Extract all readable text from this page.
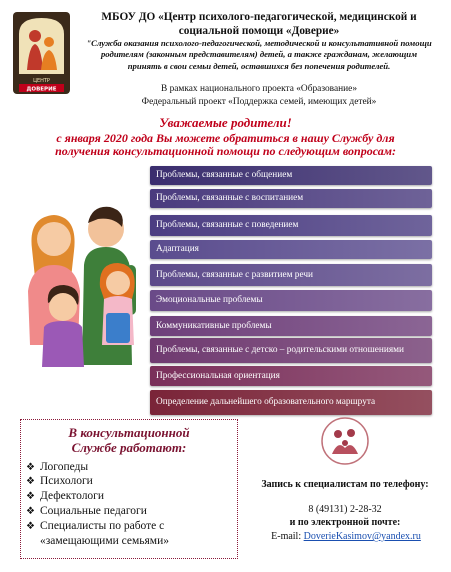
ЦЕНТР
ДОВЕРИЕ
МБОУ ДО «Центр психолого-педагогической, медицинской и социальной помощи «Доверие»
"Служба оказания психолого-педагогической, методической и консультативной помощи родителям (законным представителям) детей, а также гражданам, желающим принять в свои семьи детей, оставшихся без попечения родителей.
В рамках национального проекта «Образование»
Федеральный проект «Поддержка семей, имеющих детей»
Уважаемые родители!
с января 2020 года Вы можете обратиться в нашу Службу для
получения консультационной помощи по следующим вопросам:
Проблемы, связанные с общением
Проблемы, связанные с воспитанием
Проблемы, связанные с поведением
Адаптация
Проблемы, связанные с развитием речи
Эмоциональные проблемы
Коммуникативные проблемы
Проблемы, связанные с детско – родительскими отношениями
Профессиональная ориентация
Определение дальнейшего образовательного маршрута
В консультационной
Службе работают:
❖ Логопеды
❖ Психологи
❖ Дефектологи
❖ Социальные педагоги
❖ Специалисты по работе с
«замещающими семьями»
Запись к специалистам по телефону:
8 (49131) 2-28-32
и по электронной почте:
E-mail: DoverieKasimov@yandex.ru
